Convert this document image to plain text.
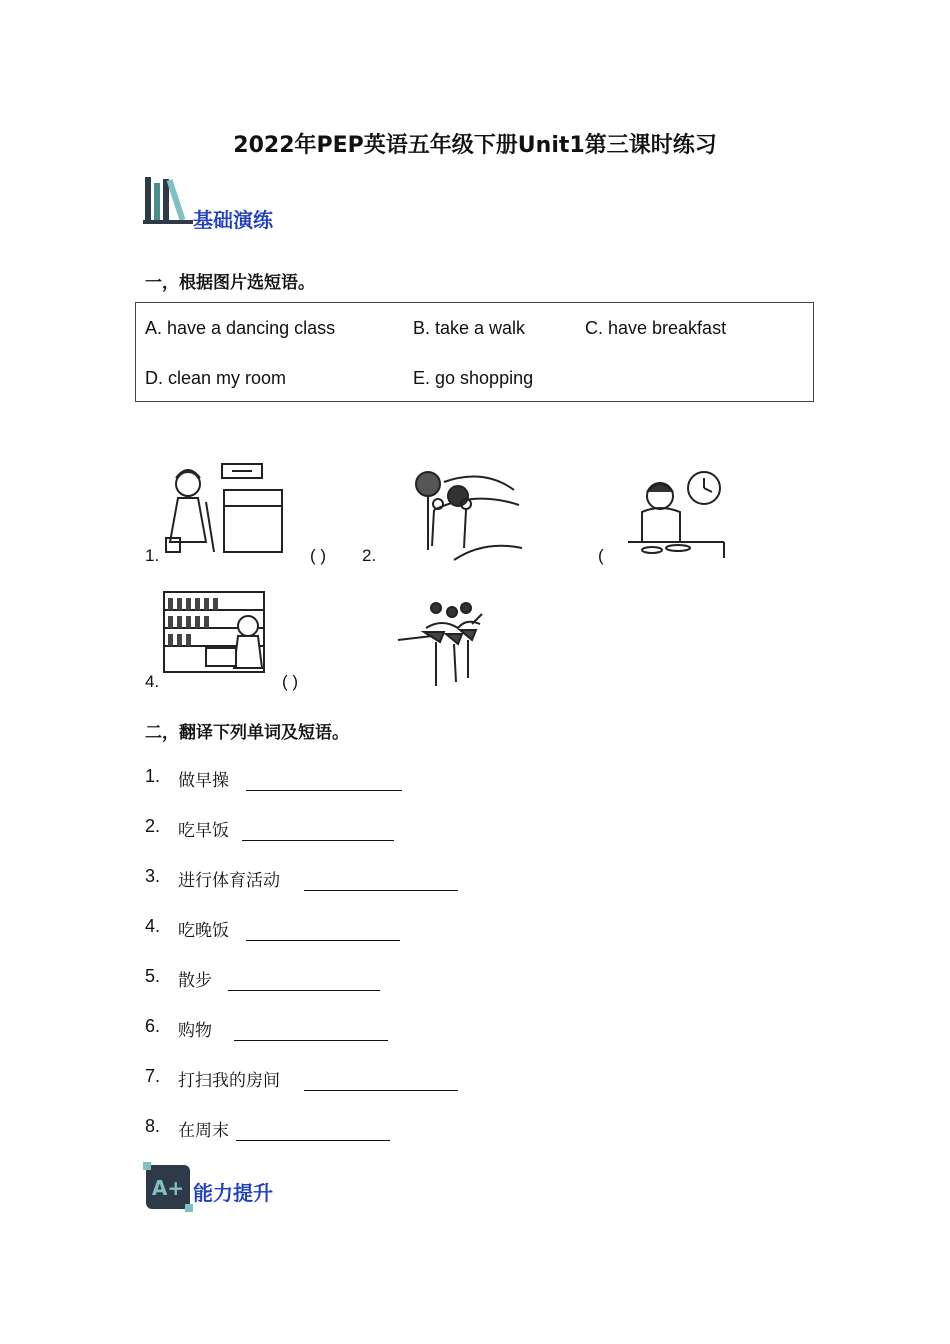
2022年PEP英语五年级下册Unit1第三课时练习
基础演练
一，根据图片选短语。
A. have a dancing class	B. take a walk	C. have breakfast
D. clean my room	E. go shopping
1.	( ) 2.	(
4.	( )
二，翻译下列单词及短语。
1. 做早操
2. 吃早饭
3. 进行体育活动
4. 吃晚饭
5. 散步
6. 购物
7. 打扫我的房间
8. 在周末
A+ 能力提升
